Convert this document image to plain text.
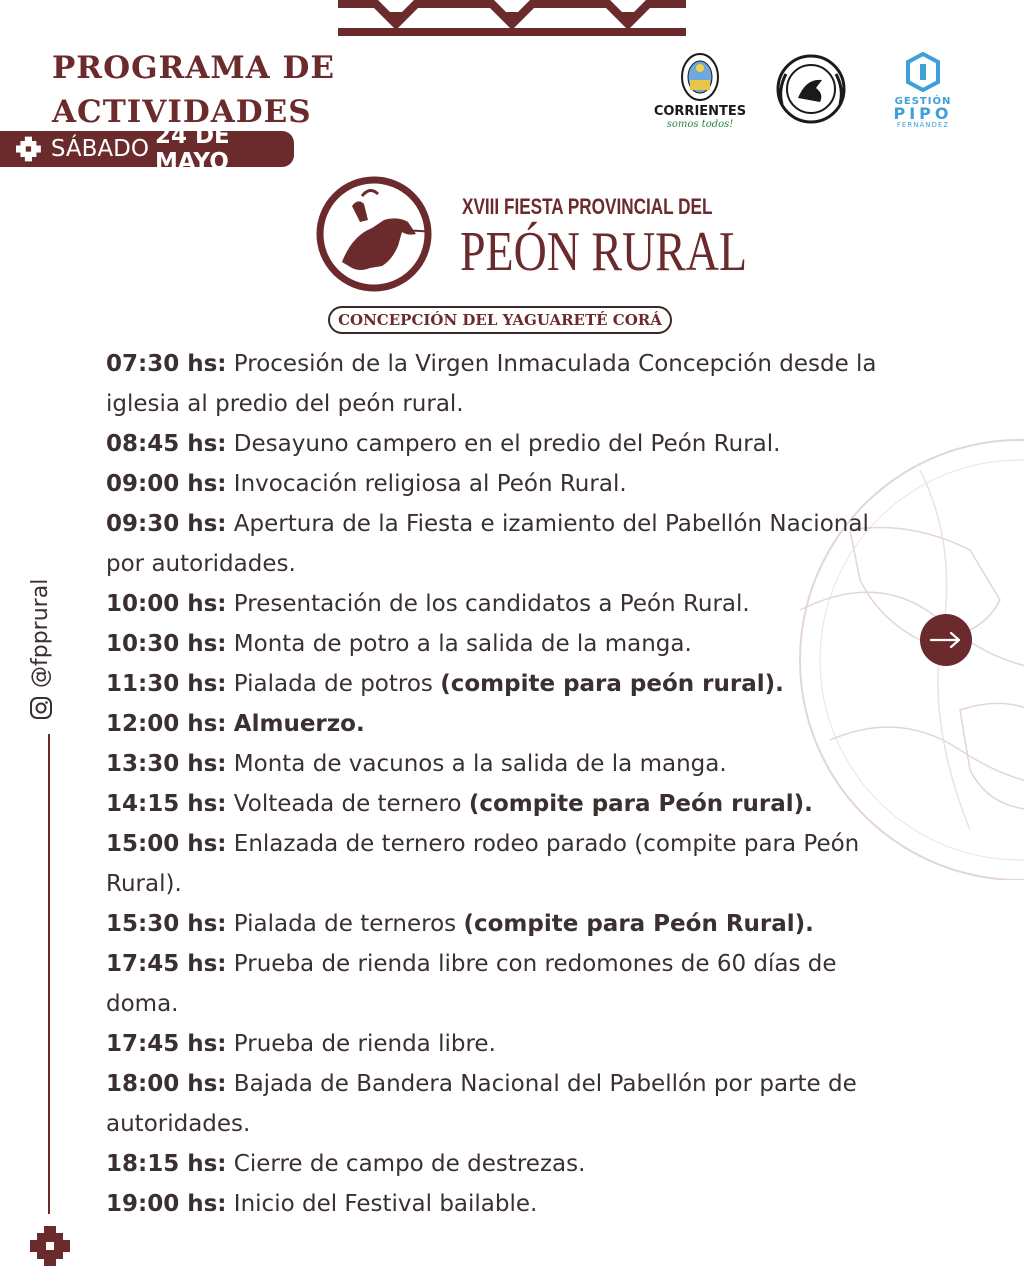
PROGRAMA DE
ACTIVIDADES
SÁBADO 24 DE MAYO
CORRIENTES
somos todos!
GESTIÓN
PIPO
FERNÁNDEZ
XVIII FIESTA PROVINCIAL DEL
PEÓN RURAL
CONCEPCIÓN DEL YAGUARETÉ CORÁ
07:30 hs: Procesión de la Virgen Inmaculada Concepción desde la
iglesia al predio del peón rural.
08:45 hs: Desayuno campero en el predio del Peón Rural.
09:00 hs: Invocación religiosa al Peón Rural.
09:30 hs: Apertura de la Fiesta e izamiento del Pabellón Nacional
por autoridades.
10:00 hs: Presentación de los candidatos a Peón Rural.
10:30 hs: Monta de potro a la salida de la manga.
11:30 hs: Pialada de potros (compite para peón rural).
12:00 hs: Almuerzo.
13:30 hs: Monta de vacunos a la salida de la manga.
14:15 hs: Volteada de ternero (compite para Peón rural).
15:00 hs: Enlazada de ternero rodeo parado (compite para Peón
Rural).
15:30 hs: Pialada de terneros (compite para Peón Rural).
17:45 hs: Prueba de rienda libre con redomones de 60 días de
doma.
17:45 hs: Prueba de rienda libre.
18:00 hs: Bajada de Bandera Nacional del Pabellón por parte de
autoridades.
18:15 hs: Cierre de campo de destrezas.
19:00 hs: Inicio del Festival bailable.
@fpprural
